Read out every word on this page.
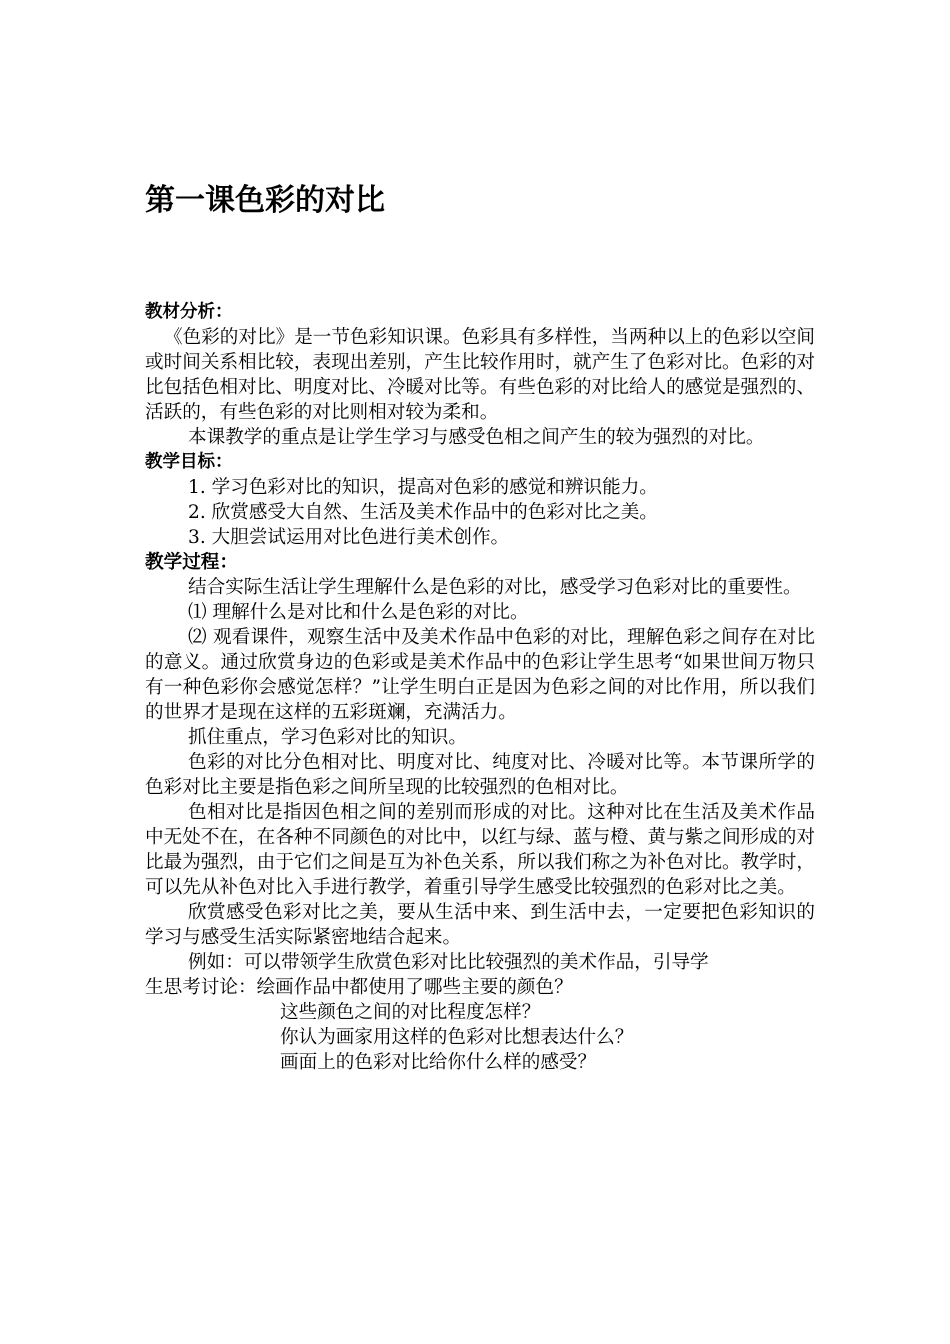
第一课色彩的对比
教材分析：

《色彩的对比》是一节色彩知识课。色彩具有多样性，当两种以上的色彩以空间或时间关系相比较，表现出差别，产生比较作用时，就产生了色彩对比。色彩的对比包括色相对比、明度对比、冷暖对比等。有些色彩的对比给人的感觉是强烈的、活跃的，有些色彩的对比则相对较为柔和。

本课教学的重点是让学生学习与感受色相之间产生的较为强烈的对比。

教学目标：

1. 学习色彩对比的知识，提高对色彩的感觉和辨识能力。

2. 欣赏感受大自然、生活及美术作品中的色彩对比之美。

3. 大胆尝试运用对比色进行美术创作。

教学过程：

结合实际生活让学生理解什么是色彩的对比，感受学习色彩对比的重要性。

⑴ 理解什么是对比和什么是色彩的对比。

⑵ 观看课件，观察生活中及美术作品中色彩的对比，理解色彩之间存在对比的意义。通过欣赏身边的色彩或是美术作品中的色彩让学生思考“如果世间万物只有一种色彩你会感觉怎样？”让学生明白正是因为色彩之间的对比作用，所以我们的世界才是现在这样的五彩斑斓，充满活力。

抓住重点，学习色彩对比的知识。

色彩的对比分色相对比、明度对比、纯度对比、冷暖对比等。本节课所学的色彩对比主要是指色彩之间所呈现的比较强烈的色相对比。

色相对比是指因色相之间的差别而形成的对比。这种对比在生活及美术作品中无处不在，在各种不同颜色的对比中，以红与绿、蓝与橙、黄与紫之间形成的对比最为强烈，由于它们之间是互为补色关系，所以我们称之为补色对比。教学时，可以先从补色对比入手进行教学，着重引导学生感受比较强烈的色彩对比之美。

欣赏感受色彩对比之美，要从生活中来、到生活中去，一定要把色彩知识的学习与感受生活实际紧密地结合起来。

例如：可以带领学生欣赏色彩对比比较强烈的美术作品，引导学

生思考讨论：绘画作品中都使用了哪些主要的颜色？

这些颜色之间的对比程度怎样？

你认为画家用这样的色彩对比想表达什么？

画面上的色彩对比给你什么样的感受？
